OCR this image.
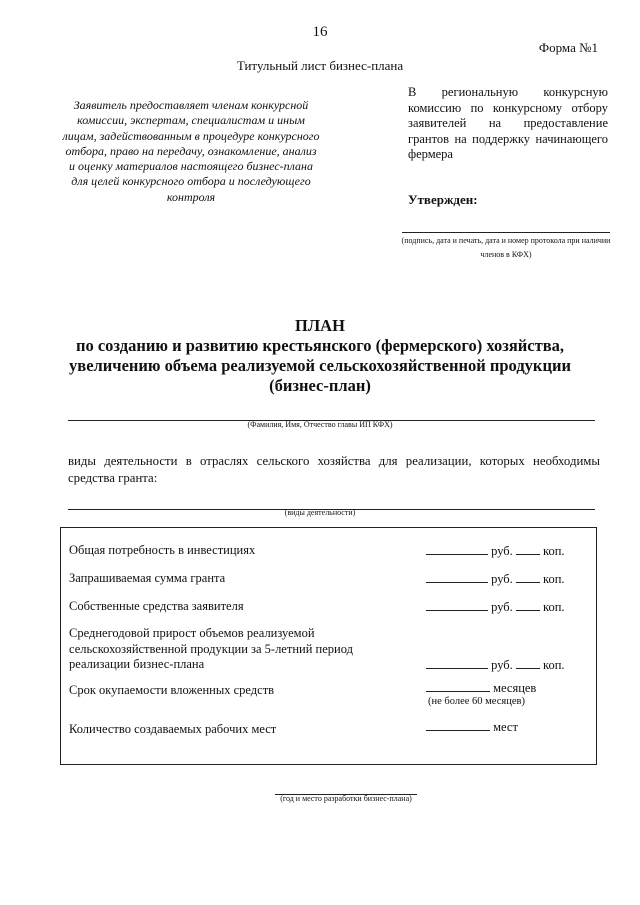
16
Форма №1
Титульный лист бизнес-плана
Заявитель предоставляет членам конкурсной комиссии, экспертам, специалистам и иным лицам, задействованным в процедуре конкурсного отбора, право на передачу, ознакомление, анализ и оценку материалов настоящего бизнес-плана для целей конкурсного отбора и последующего контроля
В региональную конкурсную комиссию по конкурсному отбору заявителей на предоставление грантов на поддержку начинающего фермера
Утвержден:
(подпись, дата и печать, дата и номер протокола при наличии членов в КФХ)
ПЛАН
по созданию и развитию крестьянского (фермерского) хозяйства,
увеличению объема реализуемой сельскохозяйственной продукции
(бизнес-план)
(Фамилия, Имя, Отчество главы ИП КФХ)
виды деятельности в отраслях сельского хозяйства для реализации, которых необходимы средства гранта:
(виды деятельности)
Общая потребность в инвестициях	руб. коп.
Запрашиваемая сумма гранта	руб. коп.
Собственные средства заявителя	руб. коп.
Среднегодовой прирост объемов реализуемой сельскохозяйственной продукции за 5-летний период реализации бизнес-плана	руб. коп.
Срок окупаемости вложенных средств	месяцев
(не более 60 месяцев)
Количество создаваемых рабочих мест	мест
(год и место разработки бизнес-плана)
